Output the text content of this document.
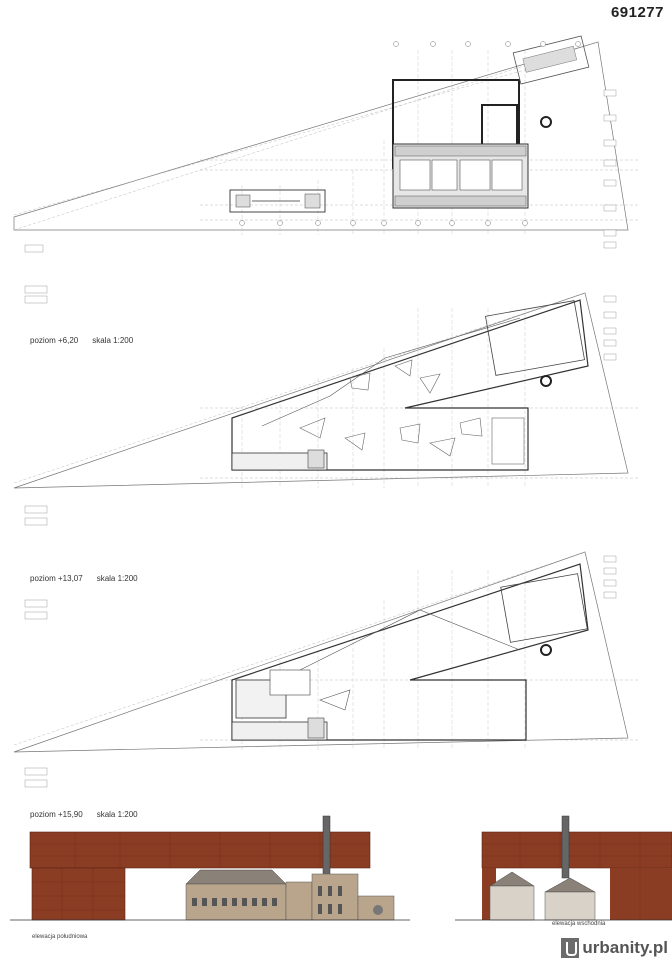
691277
poziom +6,20 skala 1:200
poziom +13,07 skala 1:200
poziom +15,90 skala 1:200
elewacja południowa
elewacja wschodnia
urbanity.pl
